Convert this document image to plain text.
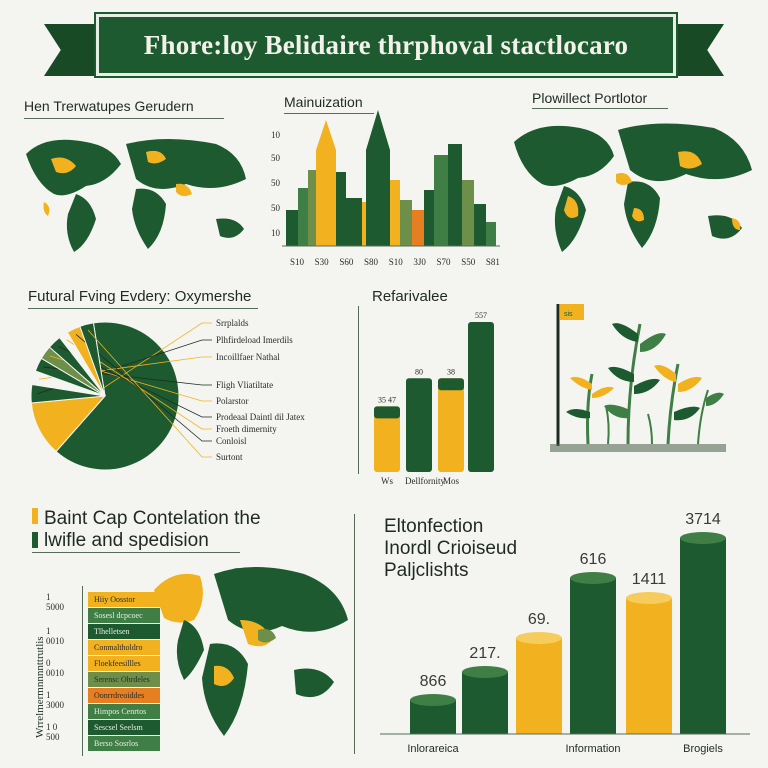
Fhore:loy Belidaire thrphoval stactlocaro
Hen Trerwatupes Gerudern	Mainuization
10
50
50
50
10
S10 S30 S60 S80 S10 3J0 S70 S50 S81
Plowillect Portlotor
Futural Fving Evdery: Oxymershe
Srrplalds
Plhfirdeload Imerdils
Incoillfaer Nathal
Fligh Vliatiltate
Polarstor
Prodeaal Daintl dil Jatex
Froeth dimernity
Conloisl
Surtont
Refarivalee
35 47
Ws
80
Dellfornity
38
Mos
557	sis
Baint Cap Contelation the
lwifle and spedision
Wrrelmermnnnnttrutlis
1 5000
1 0010
0 0010
1 3000
1 0 500
Hiiy Oosstor
Sosesl dcpcoec
Tlhelletsen
Conmaltholdro
Floekfeesillles
Serensc Ohrdeles
Oonrrdreoiddes
Himpos Cenrtos
Sescsel Seelsm
Berso Sosrlos
Eltonfection
Inordl Crioiseud
Paljclishts
866
Inlorareica
217.
69.
616
Information
1411
3714
Brogiels
